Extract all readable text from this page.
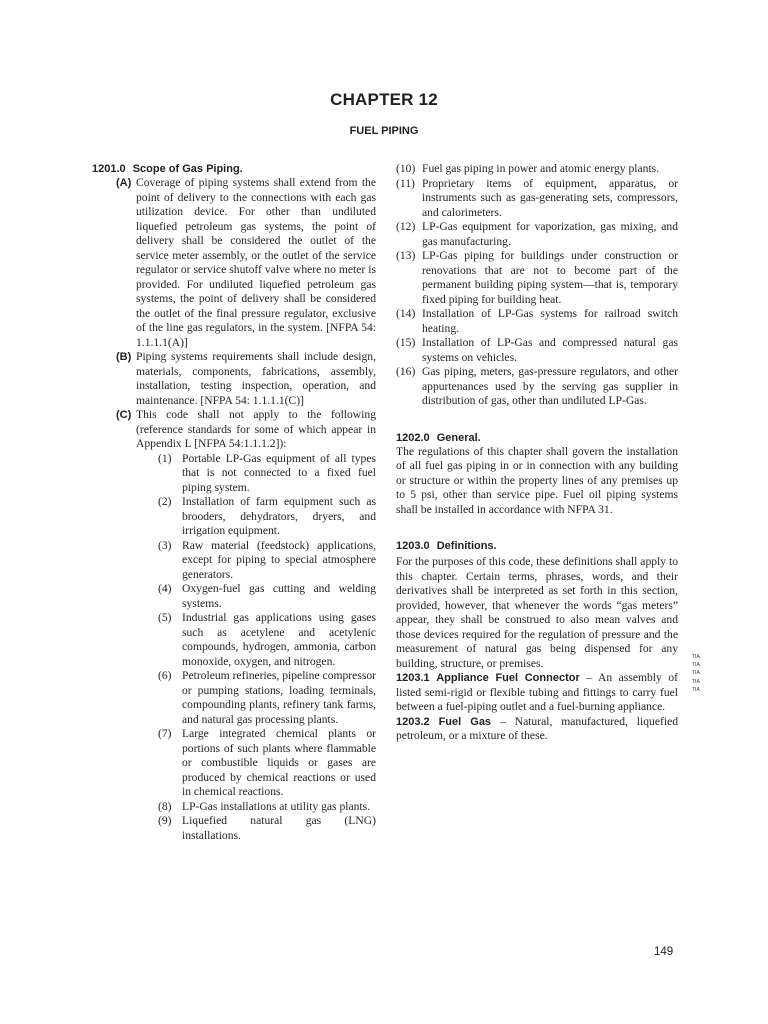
CHAPTER 12
FUEL PIPING
1201.0 Scope of Gas Piping.
(A) Coverage of piping systems shall extend from the point of delivery to the connections with each gas utilization device. For other than undiluted liquefied petroleum gas systems, the point of delivery shall be considered the outlet of the service meter assembly, or the outlet of the service regulator or service shutoff valve where no meter is provided. For undiluted liquefied petroleum gas systems, the point of delivery shall be considered the outlet of the final pressure regulator, exclusive of the line gas regulators, in the system. [NFPA 54: 1.1.1.1(A)]
(B) Piping systems requirements shall include design, materials, components, fabrications, assembly, installation, testing inspection, operation, and maintenance. [NFPA 54: 1.1.1.1(C)]
(C) This code shall not apply to the following (reference standards for some of which appear in Appendix L [NFPA 54:1.1.1.2]):
(1) Portable LP-Gas equipment of all types that is not connected to a fixed fuel piping system.
(2) Installation of farm equipment such as brooders, dehydrators, dryers, and irrigation equipment.
(3) Raw material (feedstock) applications, except for piping to special atmosphere generators.
(4) Oxygen-fuel gas cutting and welding systems.
(5) Industrial gas applications using gases such as acetylene and acetylenic compounds, hydrogen, ammonia, carbon monoxide, oxygen, and nitrogen.
(6) Petroleum refineries, pipeline compressor or pumping stations, loading terminals, compounding plants, refinery tank farms, and natural gas processing plants.
(7) Large integrated chemical plants or portions of such plants where flammable or combustible liquids or gases are produced by chemical reactions or used in chemical reactions.
(8) LP-Gas installations at utility gas plants.
(9) Liquefied natural gas (LNG) installations.
(10) Fuel gas piping in power and atomic energy plants.
(11) Proprietary items of equipment, apparatus, or instruments such as gas-generating sets, compressors, and calorimeters.
(12) LP-Gas equipment for vaporization, gas mixing, and gas manufacturing.
(13) LP-Gas piping for buildings under construction or renovations that are not to become part of the permanent building piping system—that is, temporary fixed piping for building heat.
(14) Installation of LP-Gas systems for railroad switch heating.
(15) Installation of LP-Gas and compressed natural gas systems on vehicles.
(16) Gas piping, meters, gas-pressure regulators, and other appurtenances used by the serving gas supplier in distribution of gas, other than undiluted LP-Gas.
1202.0 General.
The regulations of this chapter shall govern the installation of all fuel gas piping in or in connection with any building or structure or within the property lines of any premises up to 5 psi, other than service pipe. Fuel oil piping systems shall be installed in accordance with NFPA 31.
1203.0 Definitions.
For the purposes of this code, these definitions shall apply to this chapter. Certain terms, phrases, words, and their derivatives shall be interpreted as set forth in this section, provided, however, that whenever the words “gas meters” appear, they shall be construed to also mean valves and those devices required for the regulation of pressure and the measurement of natural gas being dispensed for any building, structure, or premises.
1203.1 Appliance Fuel Connector – An assembly of listed semi-rigid or flexible tubing and fittings to carry fuel between a fuel-piping outlet and a fuel-burning appliance.
1203.2 Fuel Gas – Natural, manufactured, liquefied petroleum, or a mixture of these.
TIA
TIA
TIA
TIA
TIA
149
